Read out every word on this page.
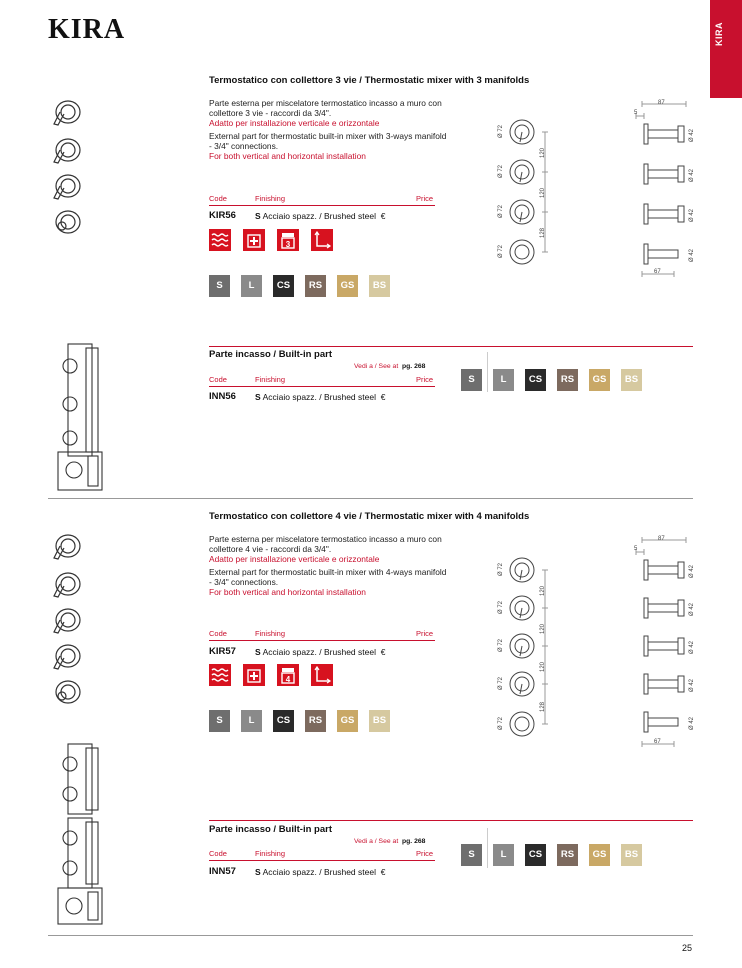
KIRA	KIRA
Termostatico con collettore 3 vie / Thermostatic mixer with 3 manifolds

Parte esterna per miscelatore termostatico incasso a muro con collettore 3 vie - raccordi da 3/4".
Adatto per installazione verticale e orizzontale

External part for thermostatic built-in mixer with 3-ways manifold - 3/4" connections.
For both vertical and horizontal installation

Code	Finishing	Price
KIR56 S Acciaio spazz. / Brushed steel €
3
S	L CS RS GS BS
Ø 72
Ø 72
Ø 72
Ø 72
120
120
128
87
5
Ø 42
Ø 42
Ø 42
Ø 42
67
Parte incasso / Built-in part
Vedi a / See at pg. 268
Code	Finishing	Price
INN56 S Acciaio spazz. / Brushed steel €
S	L CS RS GS BS
Termostatico con collettore 4 vie / Thermostatic mixer with 4 manifolds

Parte esterna per miscelatore termostatico incasso a muro con collettore 4 vie - raccordi da 3/4".
Adatto per installazione verticale e orizzontale

External part for thermostatic built-in mixer with 4-ways manifold - 3/4" connections.
For both vertical and horizontal installation

Code	Finishing	Price
KIR57 S Acciaio spazz. / Brushed steel €
4
S	L CS RS GS BS
Ø 72
Ø 72
Ø 72
Ø 72
Ø 72
120
120
120
128
87
5
Ø 42
Ø 42
Ø 42
Ø 42
Ø 42
67
Parte incasso / Built-in part
Vedi a / See at pg. 268
Code	Finishing	Price
INN57 S Acciaio spazz. / Brushed steel €
S	L CS RS GS BS
25
